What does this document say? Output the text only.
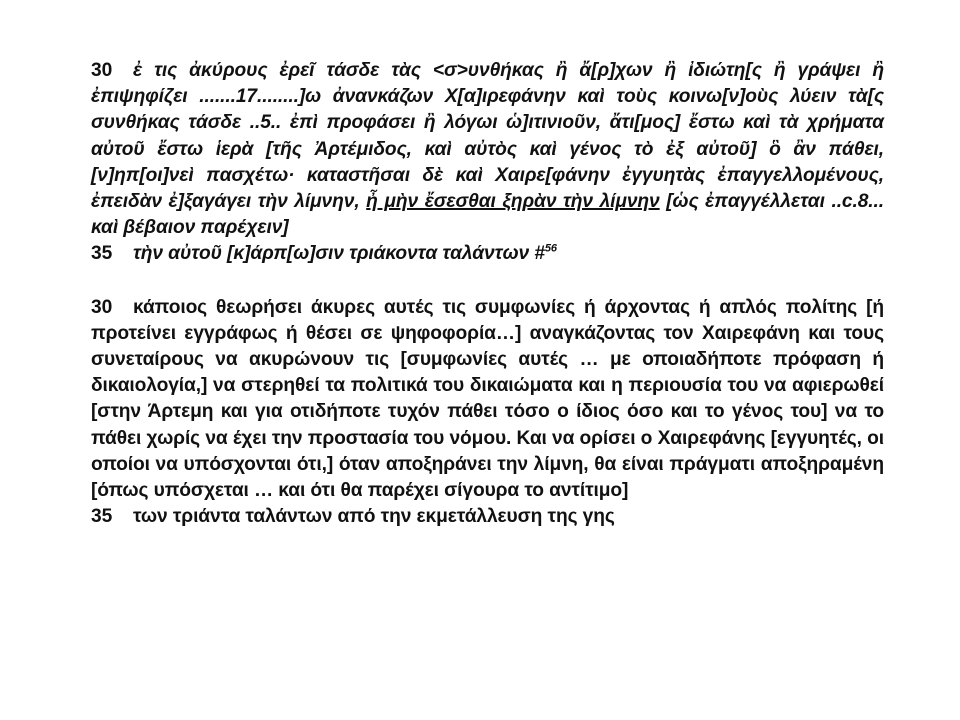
30 ἐ τις ἀκύρους ἐρεῖ τάσδε τὰς <σ>υνθήκας ἢ ἄ[ρ]χων ἢ ἰδιώτη[ς ἢ γράψει ἢ ἐπιψηφίζει .......17........]ω ἀνανκάζων Χ[α]ιρεφάνην καὶ τοὺς κοινω[ν]οὺς λύειν τὰ[ς συνθήκας τάσδε ..5.. ἐπὶ προφάσει ἢ λόγωι ὡ]ιτινιοῦν, ἄτι[μος] ἔστω καὶ τὰ χρήματα αὐτοῦ ἔστω ἱερὰ [τῆς Ἀρτέμιδος, καὶ αὐτὸς καὶ γένος τὸ ἐξ αὐτοῦ] ὃ ἂν πάθει, [ν]ηπ[οι]νεὶ πασχέτω· καταστῆσαι δὲ καὶ Χαιρε[φάνην ἐγγυητὰς ἐπαγγελλομένους, ἐπειδὰν ἐ]ξαγάγει τὴν λίμνην, ἦ μὴν ἔσεσθαι ξηρὰν τὴν λίμνην [ὡς ἐπαγγέλλεται ..c.8... καὶ βέβαιον παρέχειν]

35 τὴν αὐτοῦ [κ]άρπ[ω]σιν τριάκοντα ταλάντων #$^{56}$

30 κάποιος θεωρήσει άκυρες αυτές τις συμφωνίες ή άρχοντας ή απλός πολίτης [ή προτείνει εγγράφως ή θέσει σε ψηφοφορία…] αναγκάζοντας τον Χαιρεφάνη και τους συνεταίρους να ακυρώνουν τις [συμφωνίες αυτές … με οποιαδήποτε πρόφαση ή δικαιολογία,] να στερηθεί τα πολιτικά του δικαιώματα και η περιουσία του να αφιερωθεί [στην Άρτεμη και για οτιδήποτε τυχόν πάθει τόσο ο ίδιος όσο και το γένος του] να το πάθει χωρίς να έχει την προστασία του νόμου. Και να ορίσει ο Χαιρεφάνης [εγγυητές, οι οποίοι να υπόσχονται ότι,] όταν αποξηράνει την λίμνη, θα είναι πράγματι αποξηραμένη [όπως υπόσχεται … και ότι θα παρέχει σίγουρα το αντίτιμο]

35 των τριάντα ταλάντων από την εκμετάλλευση της γης
